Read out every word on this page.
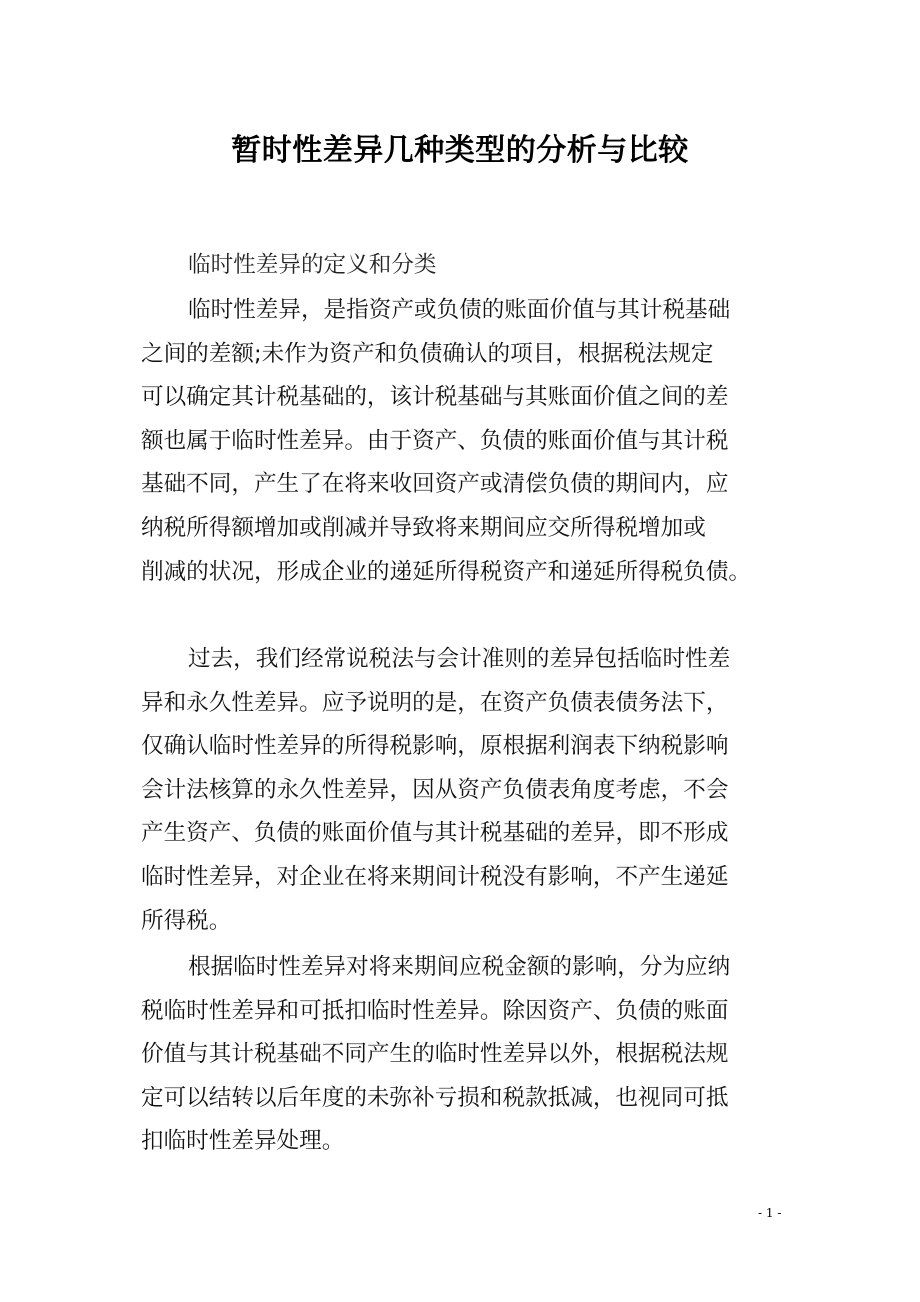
暂时性差异几种类型的分析与比较
临时性差异的定义和分类
临时性差异，是指资产或负债的账面价值与其计税基础
之间的差额;未作为资产和负债确认的项目，根据税法规定
可以确定其计税基础的，该计税基础与其账面价值之间的差
额也属于临时性差异。由于资产、负债的账面价值与其计税
基础不同，产生了在将来收回资产或清偿负债的期间内，应
纳税所得额增加或削减并导致将来期间应交所得税增加或
削减的状况，形成企业的递延所得税资产和递延所得税负债。
过去，我们经常说税法与会计准则的差异包括临时性差
异和永久性差异。应予说明的是，在资产负债表债务法下，
仅确认临时性差异的所得税影响，原根据利润表下纳税影响
会计法核算的永久性差异，因从资产负债表角度考虑，不会
产生资产、负债的账面价值与其计税基础的差异，即不形成
临时性差异，对企业在将来期间计税没有影响，不产生递延
所得税。
根据临时性差异对将来期间应税金额的影响，分为应纳
税临时性差异和可抵扣临时性差异。除因资产、负债的账面
价值与其计税基础不同产生的临时性差异以外，根据税法规
定可以结转以后年度的未弥补亏损和税款抵减，也视同可抵
扣临时性差异处理。
- 1 -
